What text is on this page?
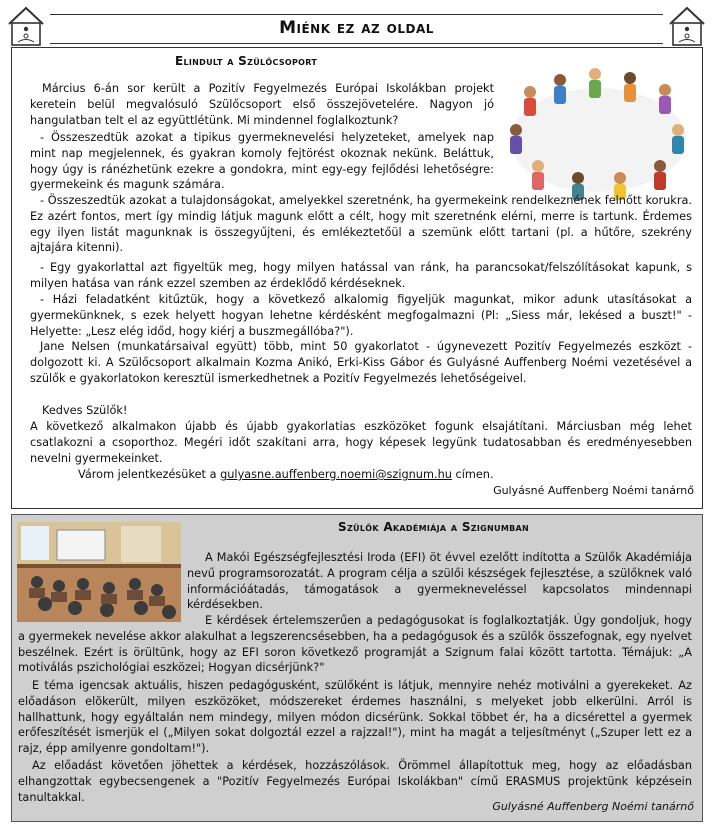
Miénk ez az oldal
Elindult a Szülőcsoport
Március 6-án sor került a Pozitív Fegyelmezés Európai Iskolákban projekt keretein belül megvalósuló Szülőcsoport első összejövetelére. Nagyon jó hangulatban telt el az együttlétünk. Mi mindennel foglalkoztunk?
- Összeszedtük azokat a tipikus gyermeknevelési helyzeteket, amelyek nap mint nap megjelennek, és gyakran komoly fejtörést okoznak nekünk. Beláttuk, hogy úgy is ránézhetünk ezekre a gondokra, mint egy-egy fejlődési lehetőségre: gyermekeink és magunk számára.
- Összeszedtük azokat a tulajdonságokat, amelyekkel szeretnénk, ha gyermekeink rendelkeznének felnőtt korukra. Ez azért fontos, mert így mindig látjuk magunk előtt a célt, hogy mit szeretnénk elérni, merre is tartunk. Érdemes egy ilyen listát magunknak is összegyűjteni, és emlékeztetőül a szemünk előtt tartani (pl. a hűtőre, szekrény ajtajára kitenni).
- Egy gyakorlattal azt figyeltük meg, hogy milyen hatással van ránk, ha parancsokat/felszólításokat kapunk, s milyen hatása van ránk ezzel szemben az érdeklődő kérdéseknek.
- Házi feladatként kitűztük, hogy a következő alkalomig figyeljük magunkat, mikor adunk utasításokat a gyermekünknek, s ezek helyett hogyan lehetne kérdésként megfogalmazni (Pl: „Siess már, lekésed a buszt!" - Helyette: „Lesz elég időd, hogy kiérj a buszmegállóba?").
Jane Nelsen (munkatársaival együtt) több, mint 50 gyakorlatot - úgynevezett Pozitív Fegyelmezés eszközt - dolgozott ki. A Szülőcsoport alkalmain Kozma Anikó, Erki-Kiss Gábor és Gulyásné Auffenberg Noémi vezetésével a szülők e gyakorlatokon keresztül ismerkedhetnek a Pozitív Fegyelmezés lehetőségeivel.
Kedves Szülők!
A következő alkalmakon újabb és újabb gyakorlatias eszközöket fogunk elsajátítani. Márciusban még lehet csatlakozni a csoporthoz. Megéri időt szakítani arra, hogy képesek legyünk tudatosabban és eredményesebben nevelni gyermekeinket.
Várom jelentkezésüket a gulyasne.auffenberg.noemi@szignum.hu címen.
Gulyásné Auffenberg Noémi tanárnő
Szülők Akadémiája a Szignumban
A Makói Egészségfejlesztési Iroda (EFI) öt évvel ezelőtt indította a Szülők Akadémiája nevű programsorozatát. A program célja a szülői készségek fejlesztése, a szülőknek való információátadás, támogatások a gyermekneveléssel kapcsolatos mindennapi kérdésekben.
E kérdések értelemszerűen a pedagógusokat is foglalkoztatják. Úgy gondoljuk, hogy a gyermekek nevelése akkor alakulhat a legszerencsésebben, ha a pedagógusok és a szülők összefognak, egy nyelvet beszélnek. Ezért is örültünk, hogy az EFI soron következő programját a Szignum falai között tartotta. Témájuk: „A motiválás pszichológiai eszközei; Hogyan dicsérjünk?"
E téma igencsak aktuális, hiszen pedagógusként, szülőként is látjuk, mennyire nehéz motiválni a gyerekeket. Az előadáson elõkerült, milyen eszközöket, módszereket érdemes használni, s melyeket jobb elkerülni. Arról is hallhattunk, hogy egyáltalán nem mindegy, milyen módon dicsérünk. Sokkal többet ér, ha a dicsérettel a gyermek erőfeszítését ismerjük el („Milyen sokat dolgoztál ezzel a rajzzal!"), mint ha magát a teljesítményt („Szuper lett ez a rajz, épp amilyenre gondoltam!").
Az előadást követően jöhettek a kérdések, hozzászólások. Örömmel állapítottuk meg, hogy az előadásban elhangzottak egybecsengenek a "Pozitív Fegyelmezés Európai Iskolákban" című ERASMUS projektünk képzésein tanultakkal.
Gulyásné Auffenberg Noémi tanárnő
